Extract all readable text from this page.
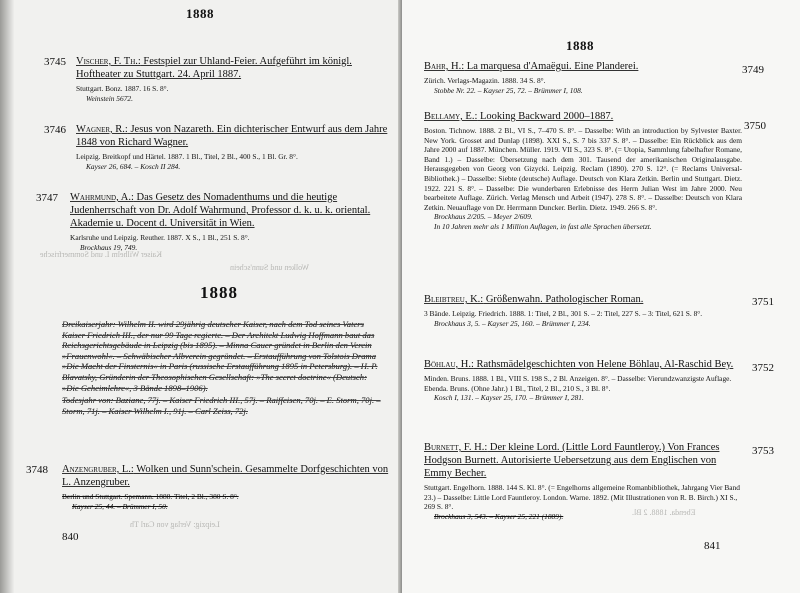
Kaiser Wilhelm I. und Sommerfrische
Wolken und Sunn'schein
Leipzig: Verlag von Carl Th
1888
3745 Vischer, F. Th.: Festspiel zur Uhland-Feier. Aufgeführt im königl. Hoftheater zu Stuttgart. 24. April 1887.
Stuttgart. Bonz. 1887. 16 S. 8°.
Weinstein 5672.
3746 Wagner, R.: Jesus von Nazareth. Ein dichterischer Entwurf aus dem Jahre 1848 von Richard Wagner.
Leipzig. Breitkopf und Härtel. 1887. 1 Bl., Titel, 2 Bl., 400 S., 1 Bl. Gr. 8°.
Kayser 26, 684. – Kosch II 284.
3747 Wahrmund, A.: Das Gesetz des Nomadenthums und die heutige Judenherrschaft von Dr. Adolf Wahrmund, Professor d. k. u. k. oriental. Akademie u. Docent d. Universität in Wien.
Karlsruhe und Leipzig. Reuther. 1887. X S., 1 Bl., 251 S. 8°.
Brockhaus 19, 749.
1888
Dreikaiserjahr: Wilhelm II. wird 29jährig deutscher Kaiser, nach dem Tod seines Vaters Kaiser Friedrich III., der nur 99 Tage regierte. – Der Architekt Ludwig Hoffmann baut das Reichsgerichtsgebäude in Leipzig (bis 1895). – Minna Cauer gründet in Berlin den Verein »Frauenwohl«. – Schwäbischer Albverein gegründet. – Erstaufführung von Tolstois Drama »Die Macht der Finsternis« in Paris (russische Erstaufführung 1895 in Petersburg). – H. P. Blavatsky, Gründerin der Theosophischen Gesellschaft: »The secret doctrine« (Deutsch: »Die Geheimlehre«, 3 Bände 1898–1906).
Todesjahr von: Baziane, 77j. – Kaiser Friedrich III., 57j. – Raiffeisen, 70j. – E. Storm, 70j. – Storm, 71j. – Kaiser Wilhelm I., 91j. – Carl Zeiss, 72j.
3748 Anzengruber, L.: Wolken und Sunn'schein. Gesammelte Dorfgeschichten von L. Anzengruber.
Berlin und Stuttgart. Spemann. 1888. Titel, 2 Bl., 380 S. 8°.
Kayser 25, 44. – Brümmer I, 50.
840
Ebenda. 1888. 2 Bl.
1888
Bahr, H.: La marquesa d'Amaëgui. Eine Planderei.
Zürich. Verlags-Magazin. 1888. 34 S. 8°.
Stobbe Nr. 22. – Kayser 25, 72. – Brümmer I, 108.
3749
Bellamy, E.: Looking Backward 2000–1887.
Boston. Tichnow. 1888. 2 Bl., VI S., 7–470 S. 8°. – Dasselbe: With an introduction by Sylvester Baxter. New York. Grosset and Dunlap (1898). XXI S., S. 7 bis 337 S. 8°. – Dasselbe: Ein Rückblick aus dem Jahre 2000 auf 1887. München. Müller. 1919. VII S., 323 S. 8°. (= Utopia, Sammlung fabelhafter Romane, Band 1.) – Dasselbe: Übersetzung nach dem 301. Tausend der amerikanischen Originalausgabe. Herausgegeben von Georg von Gizycki. Leipzig. Reclam (1890). 270 S. 12°. (= Reclams Universal-Bibliothek.) – Dasselbe: Siebte (deutsche) Auflage. Deutsch von Klara Zetkin. Berlin und Stuttgart. Dietz. 1922. 221 S. 8°. – Dasselbe: Die wunderbaren Erlebnisse des Herrn Julian West im Jahre 2000. Neu bearbeitete Auflage. Zürich. Verlag Mensch und Arbeit (1947). 278 S. 8°. – Dasselbe: Deutsch von Klara Zetkin. Neuauflage von Dr. Herrmann Duncker. Berlin. Dietz. 1949. 266 S. 8°.
Brockhaus 2/205. – Meyer 2/609.
In 10 Jahren mehr als 1 Million Auflagen, in fast alle Sprachen übersetzt.
3750
Bleibtreu, K.: Größenwahn. Pathologischer Roman.
3 Bände. Leipzig. Friedrich. 1888. 1: Titel, 2 Bl., 301 S. – 2: Titel, 227 S. – 3: Titel, 621 S. 8°.
Brockhaus 3, 5. – Kayser 25, 160. – Brümmer I, 234.
3751
Böhlau, H.: Rathsmädelgeschichten von Helene Böhlau, Al-Raschid Bey.
Minden. Bruns. 1888. 1 Bl., VIII S. 198 S., 2 Bl. Anzeigen. 8°. – Dasselbe: Vierundzwanzigste Auflage. Ebenda. Bruns. (Ohne Jahr.) 1 Bl., Titel, 2 Bl., 210 S., 3 Bl. 8°.
Kosch I, 131. – Kayser 25, 170. – Brümmer I, 281.
3752
Burnett, F. H.: Der kleine Lord. (Little Lord Fauntleroy.) Von Frances Hodgson Burnett. Autorisierte Uebersetzung aus dem Englischen von Emmy Becher.
Stuttgart. Engelhorn. 1888. 144 S. Kl. 8°. (= Engelhorns allgemeine Romanbibliothek, Jahrgang Vier Band 23.) – Dasselbe: Little Lord Fauntleroy. London. Warne. 1892. (Mit Illustrationen von R. B. Birch.) XI S., 269 S. 8°.
Brockhaus 3, 543. – Kayser 25, 221 (1889).
3753
841
